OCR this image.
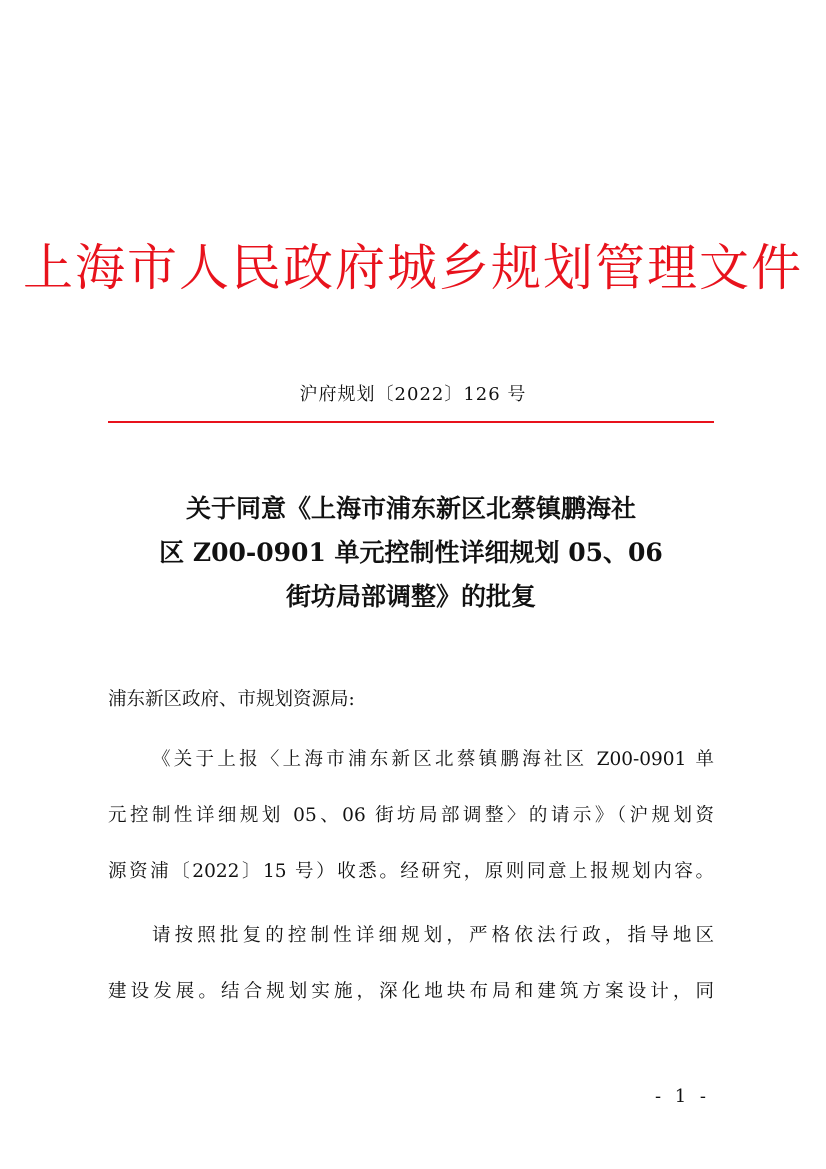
上海市人民政府城乡规划管理文件
沪府规划〔2022〕126 号
关于同意《上海市浦东新区北蔡镇鹏海社
区 Z00-0901 单元控制性详细规划 05、06
街坊局部调整》的批复
浦东新区政府、市规划资源局:
《关于上报〈上海市浦东新区北蔡镇鹏海社区 Z00-0901 单
元控制性详细规划 05、06 街坊局部调整〉的请示》（沪规划资
源资浦〔2022〕15 号）收悉。经研究，原则同意上报规划内容。
请按照批复的控制性详细规划，严格依法行政，指导地区
建设发展。结合规划实施，深化地块布局和建筑方案设计，同
- 1 -
